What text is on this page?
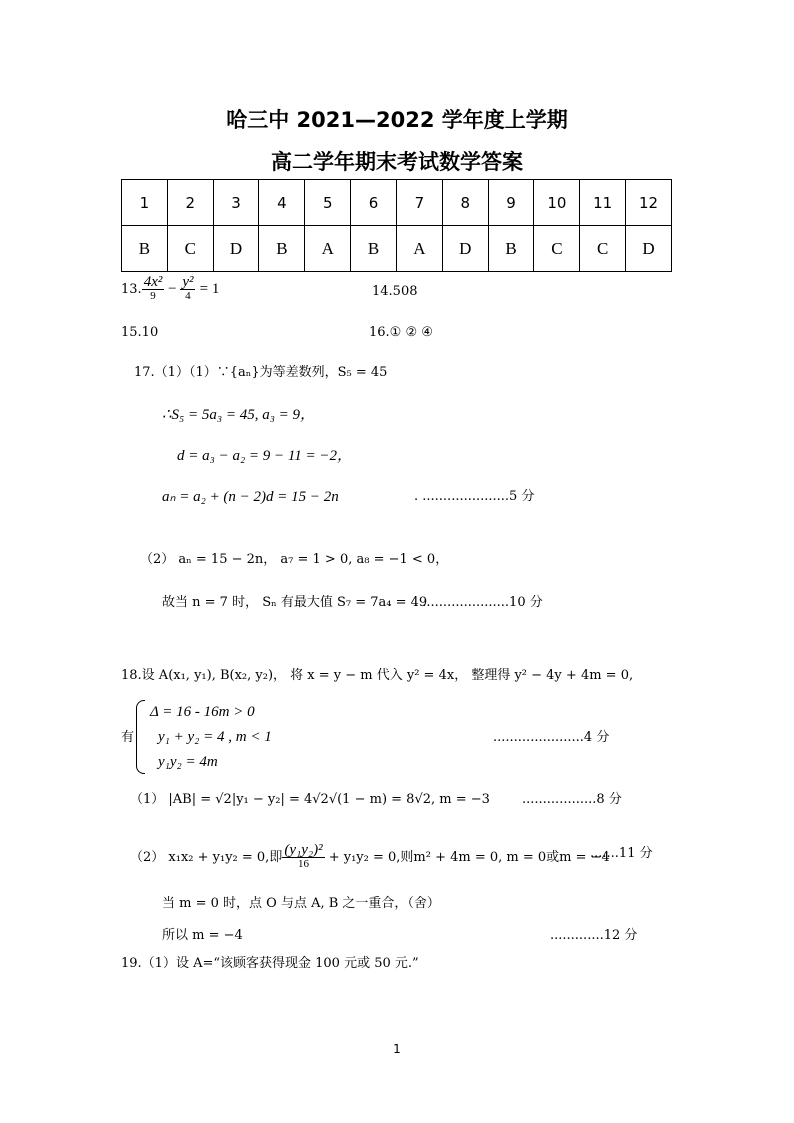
哈三中 2021—2022 学年度上学期
高二学年期末考试数学答案
1	2	3	4	5	6	7	8	9	10	11	12
B	C	D	B	A	B	A	D	B	C	C	D
13. $\frac{\text{4x²}}{9} - \frac{\text{y²}}{4} = 1$	14.508
15.10	16.① ② ④
17.（1）（1）∵{aₙ}为等差数列，S₅ = 45
∴S₅ = 5a₃ = 45, a₃ = 9，
d = a₃ − a₂ = 9 − 11 = −2，
aₙ = a₂ + (n − 2)d = 15 − 2n	. .....................5 分
（2） aₙ = 15 − 2n， a₇ = 1 > 0, a₈ = −1 < 0，
故当 n = 7 时， Sₙ 有最大值 S₇ = 7a₄ = 49
. .....................10 分
18.设 A(x₁, y₁), B(x₂, y₂)， 将 x = y − m 代入 y² = 4x， 整理得 y² − 4y + 4m = 0,
有
Δ = 16 - 16m > 0
y₁ + y₂ = 4 , m < 1
y₁y₂ = 4m
......................4 分
（1） |AB| = √2|y₁ − y₂| = 4√2√(1 − m) = 8√2, m = −3 ..................8 分
（2） x₁x₂ + y₁y₂ = 0,即 $\frac{\text{(y₁y₂)²}}{16} + y_1y_2 = 0$,则m² + 4m = 0, m = 0或m = −4
.......11 分
当 m = 0 时，点 O 与点 A, B 之一重合，（舍）
所以 m = −4	.............12 分
19.（1）设 A=“该顾客获得现金 100 元或 50 元.”
1
